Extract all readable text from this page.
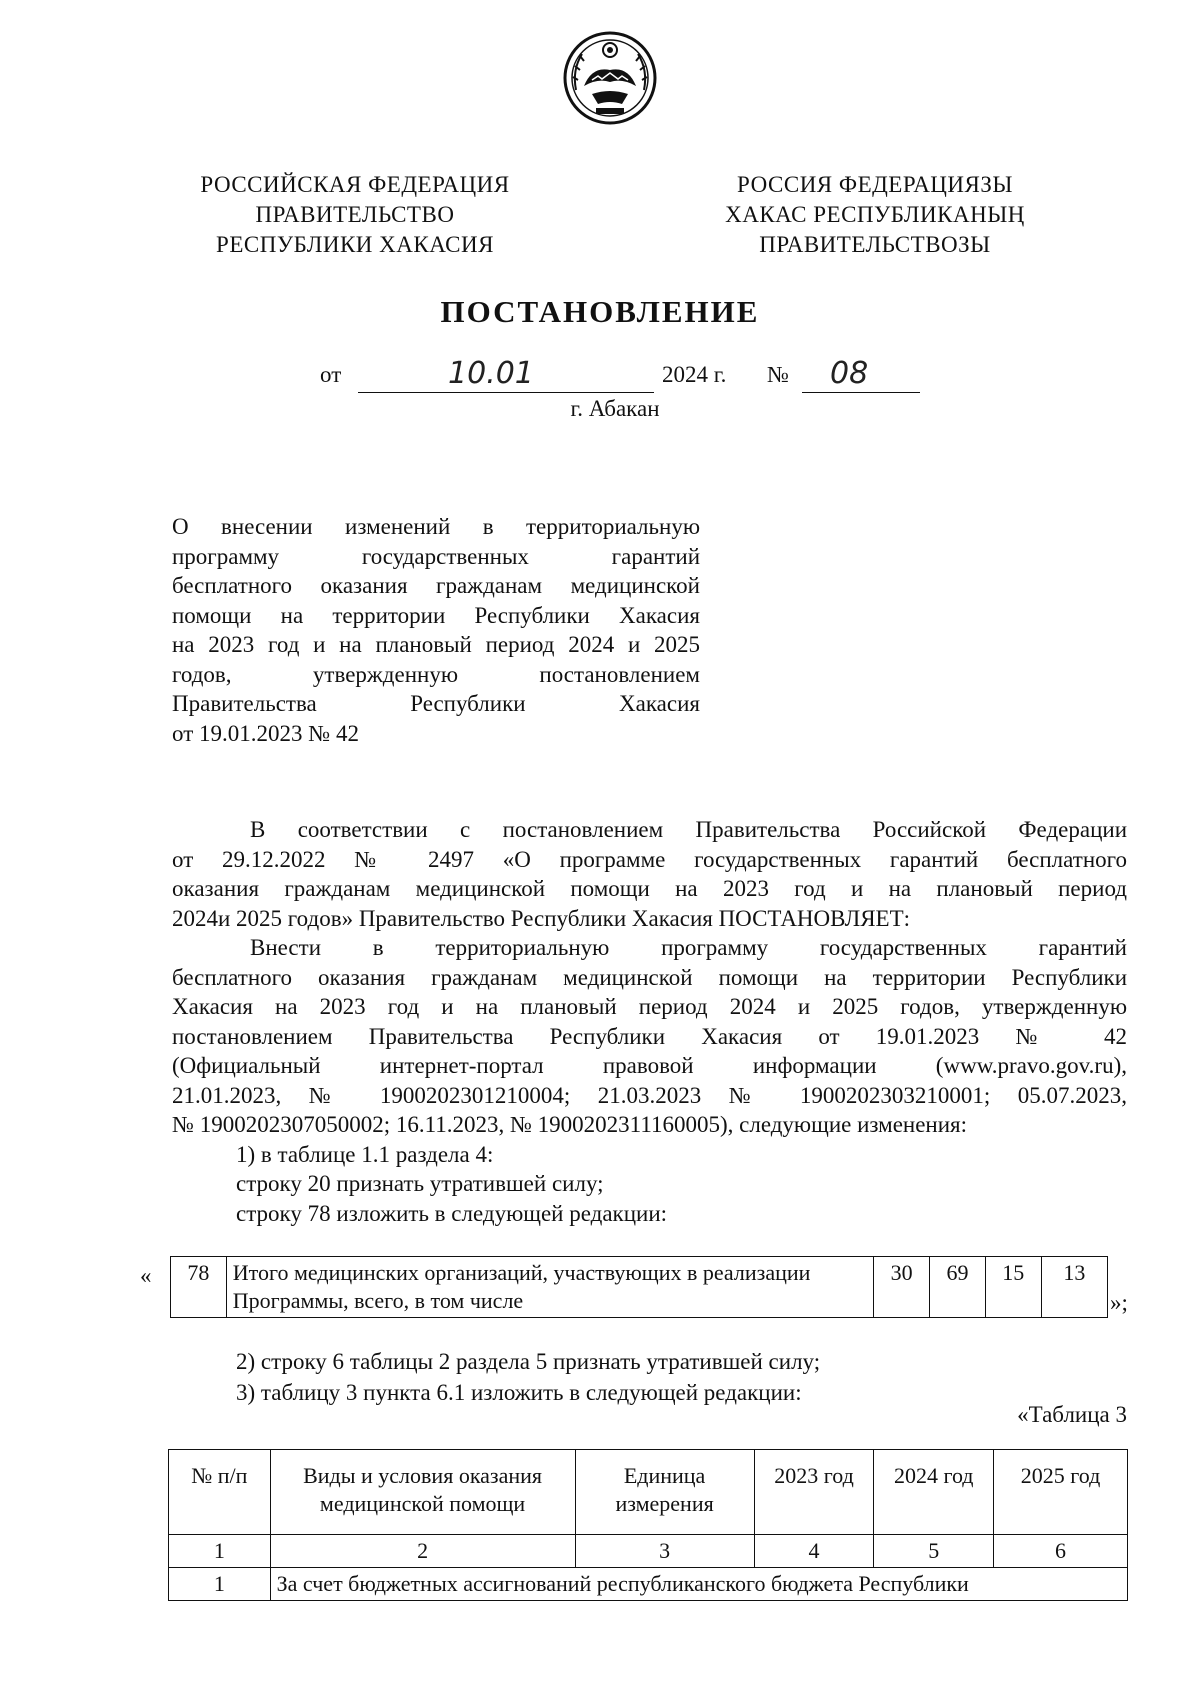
РОССИЙСКАЯ ФЕДЕРАЦИЯ
ПРАВИТЕЛЬСТВО
РЕСПУБЛИКИ ХАКАСИЯ
РОССИЯ ФЕДЕРАЦИЯЗЫ
ХАКАС РЕСПУБЛИКАНЫҢ
ПРАВИТЕЛЬСТВОЗЫ
ПОСТАНОВЛЕНИЕ
от	10.01	2024 г. № 08
г. Абакан
О внесении изменений в территориальную
программу государственных гарантий
бесплатного оказания гражданам медицинской
помощи на территории Республики Хакасия
на 2023 год и на плановый период 2024 и 2025
годов, утвержденную постановлением
Правительства Республики Хакасия
от 19.01.2023 № 42
В соответствии с постановлением Правительства Российской Федерации
от 29.12.2022 № 2497 «О программе государственных гарантий бесплатного
оказания гражданам медицинской помощи на 2023 год и на плановый период
2024и 2025 годов» Правительство Республики Хакасия ПОСТАНОВЛЯЕТ:
Внести в территориальную программу государственных гарантий
бесплатного оказания гражданам медицинской помощи на территории Республики
Хакасия на 2023 год и на плановый период 2024 и 2025 годов, утвержденную
постановлением Правительства Республики Хакасия от 19.01.2023 № 42
(Официальный интернет-портал правовой информации (www.pravo.gov.ru),
21.01.2023, № 1900202301210004; 21.03.2023 № 1900202303210001; 05.07.2023,
№ 1900202307050002; 16.11.2023, № 1900202311160005), следующие изменения:
1) в таблице 1.1 раздела 4:
строку 20 признать утратившей силу;
строку 78 изложить в следующей редакции:
« 78	Итого медицинских организаций, участвующих в реализации Программы, всего, в том числе	30	69	15	13
»;
2) строку 6 таблицы 2 раздела 5 признать утратившей силу;
3) таблицу 3 пункта 6.1 изложить в следующей редакции:
«Таблица 3
№ п/п	Виды и условия оказания медицинской помощи	Единица измерения	2023 год	2024 год	2025 год
1	2	3	4	5	6
1	За счет бюджетных ассигнований республиканского бюджета Республики				
